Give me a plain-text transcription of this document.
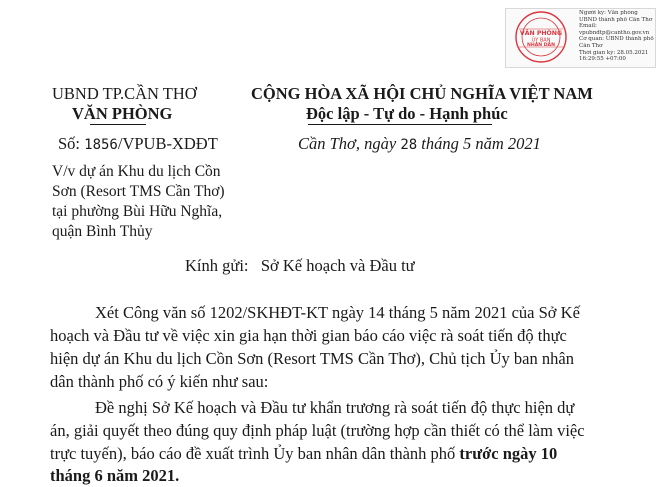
VĂN PHÒNG
ỦY BAN
NHÂN DÂN
Người ký: Văn phòng
UBND thành phố Cần Thơ
Email:
vpubndtp@cantho.gov.vn
Cơ quan: UBND thành phố
Cần Thơ
Thời gian ký: 28.05.2021
16:29:55 +07:00
UBND TP.CẦN THƠ
VĂN PHÒNG
Số: 1856/VPUB-XDĐT
CỘNG HÒA XÃ HỘI CHỦ NGHĨA VIỆT NAM
Độc lập - Tự do - Hạnh phúc
Cần Thơ, ngày 28 tháng 5 năm 2021
V/v dự án Khu du lịch Cồn
Sơn (Resort TMS Cần Thơ)
tại phường Bùi Hữu Nghĩa,
quận Bình Thủy
Kính gửi:   Sở Kế hoạch và Đầu tư
Xét Công văn số 1202/SKHĐT-KT ngày 14 tháng 5 năm 2021 của Sở Kế
hoạch và Đầu tư về việc xin gia hạn thời gian báo cáo việc rà soát tiến độ thực
hiện dự án Khu du lịch Cồn Sơn (Resort TMS Cần Thơ), Chủ tịch Ủy ban nhân
dân thành phố có ý kiến như sau:
Đề nghị Sở Kế hoạch và Đầu tư khẩn trương rà soát tiến độ thực hiện dự
án, giải quyết theo đúng quy định pháp luật (trường hợp cần thiết có thể làm việc
trực tuyến), báo cáo đề xuất trình Ủy ban nhân dân thành phố trước ngày 10
tháng 6 năm 2021.
